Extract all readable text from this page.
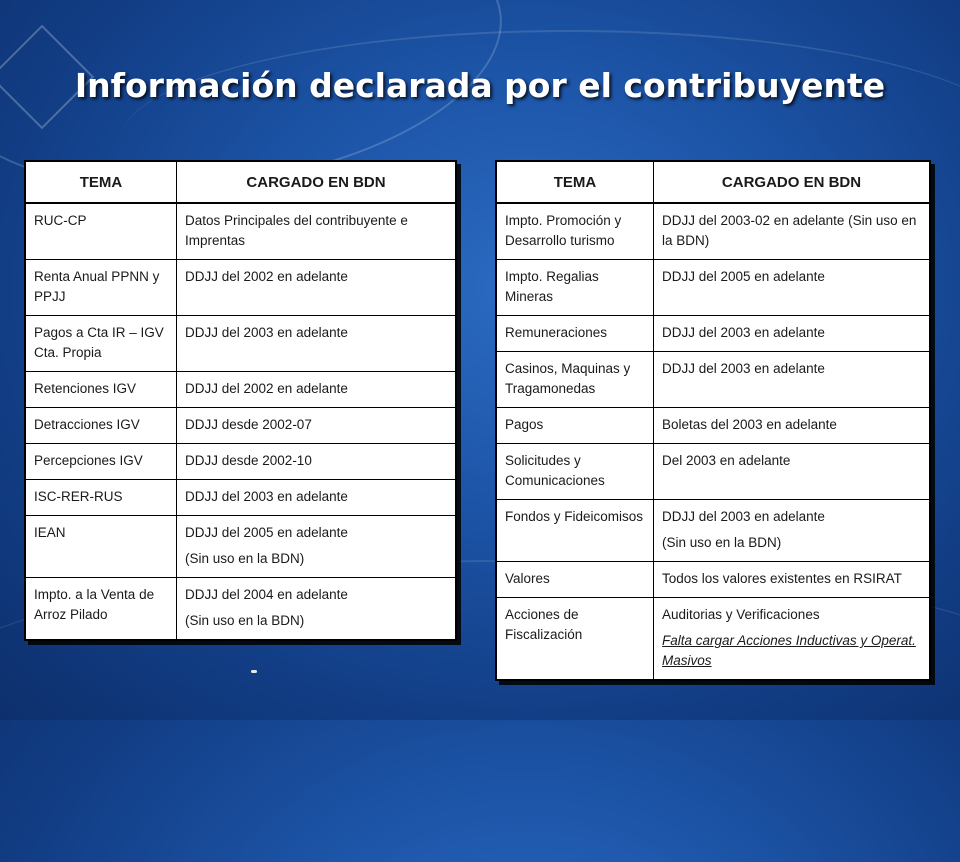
Información declarada por el contribuyente
TEMA	CARGADO EN BDN
RUC-CP	Datos Principales del contribuyente e Imprentas
Renta Anual PPNN y PPJJ	DDJJ del 2002 en adelante
Pagos a Cta IR – IGV Cta. Propia	DDJJ del 2003 en adelante
Retenciones IGV	DDJJ del 2002 en adelante
Detracciones IGV	DDJJ desde 2002-07
Percepciones IGV	DDJJ desde 2002-10
ISC-RER-RUS	DDJJ del 2003 en adelante
IEAN	DDJJ del 2005 en adelante
(Sin uso en la BDN)

Impto. a la Venta de Arroz Pilado	DDJJ del 2004 en adelante
(Sin uso en la BDN)
TEMA	CARGADO EN BDN
Impto. Promoción y Desarrollo turismo	DDJJ del 2003-02 en adelante (Sin uso en la BDN)
Impto. Regalias Mineras	DDJJ del 2005 en adelante
Remuneraciones	DDJJ del 2003 en adelante
Casinos, Maquinas y Tragamonedas	DDJJ del 2003 en adelante
Pagos	Boletas del 2003 en adelante
Solicitudes y Comunicaciones	Del 2003 en adelante
Fondos y Fideicomisos	DDJJ del 2003 en adelante
(Sin uso en la BDN)

Valores	Todos los valores existentes en RSIRAT
Acciones de Fiscalización	Auditorias y Verificaciones
Falta cargar Acciones Inductivas y Operat. Masivos
